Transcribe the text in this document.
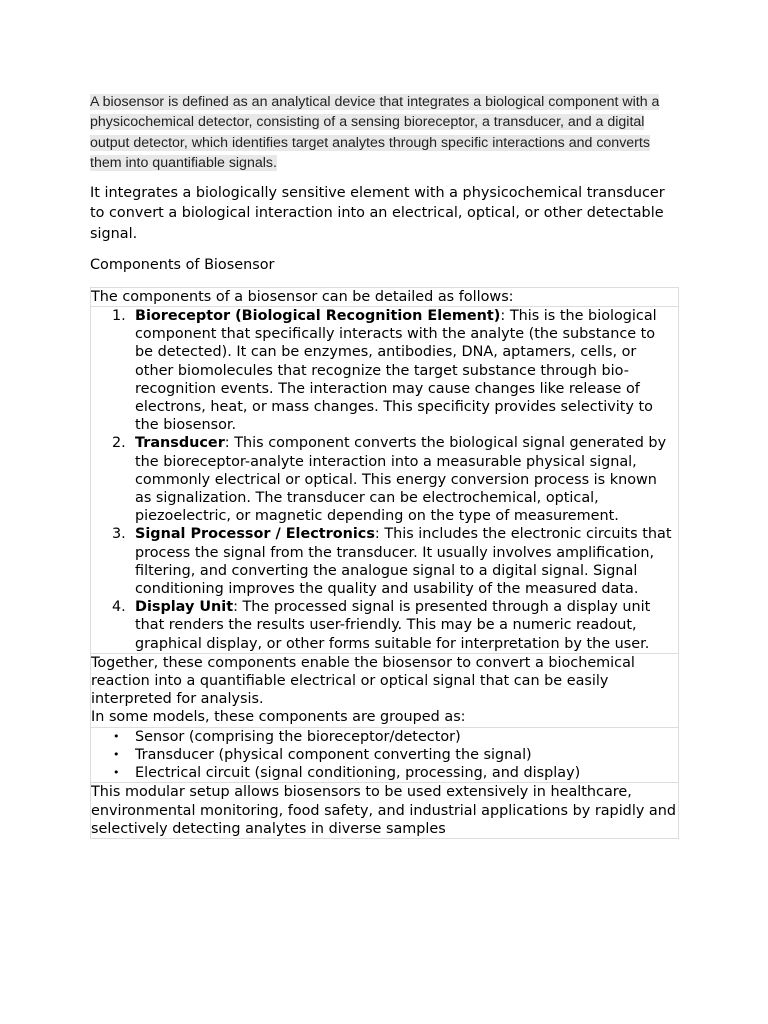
A biosensor is defined as an analytical device that integrates a biological component with a physicochemical detector, consisting of a sensing bioreceptor, a transducer, and a digital output detector, which identifies target analytes through specific interactions and converts them into quantifiable signals.

It integrates a biologically sensitive element with a physicochemical transducer to convert a biological interaction into an electrical, optical, or other detectable signal.

Components of Biosensor

The components of a biosensor can be detailed as follows:

1. Bioreceptor (Biological Recognition Element): This is the biological component that specifically interacts with the analyte (the substance to be detected). It can be enzymes, antibodies, DNA, aptamers, cells, or other biomolecules that recognize the target substance through bio-recognition events. The interaction may cause changes like release of electrons, heat, or mass changes. This specificity provides selectivity to the biosensor.
2. Transducer: This component converts the biological signal generated by the bioreceptor-analyte interaction into a measurable physical signal, commonly electrical or optical. This energy conversion process is known as signalization. The transducer can be electrochemical, optical, piezoelectric, or magnetic depending on the type of measurement.
3. Signal Processor / Electronics: This includes the electronic circuits that process the signal from the transducer. It usually involves amplification, filtering, and converting the analogue signal to a digital signal. Signal conditioning improves the quality and usability of the measured data.
4. Display Unit: The processed signal is presented through a display unit that renders the results user-friendly. This may be a numeric readout, graphical display, or other forms suitable for interpretation by the user.

Together, these components enable the biosensor to convert a biochemical reaction into a quantifiable electrical or optical signal that can be easily interpreted for analysis.

In some models, these components are grouped as:

• Sensor (comprising the bioreceptor/detector)
• Transducer (physical component converting the signal)
• Electrical circuit (signal conditioning, processing, and display)

This modular setup allows biosensors to be used extensively in healthcare, environmental monitoring, food safety, and industrial applications by rapidly and selectively detecting analytes in diverse samples
